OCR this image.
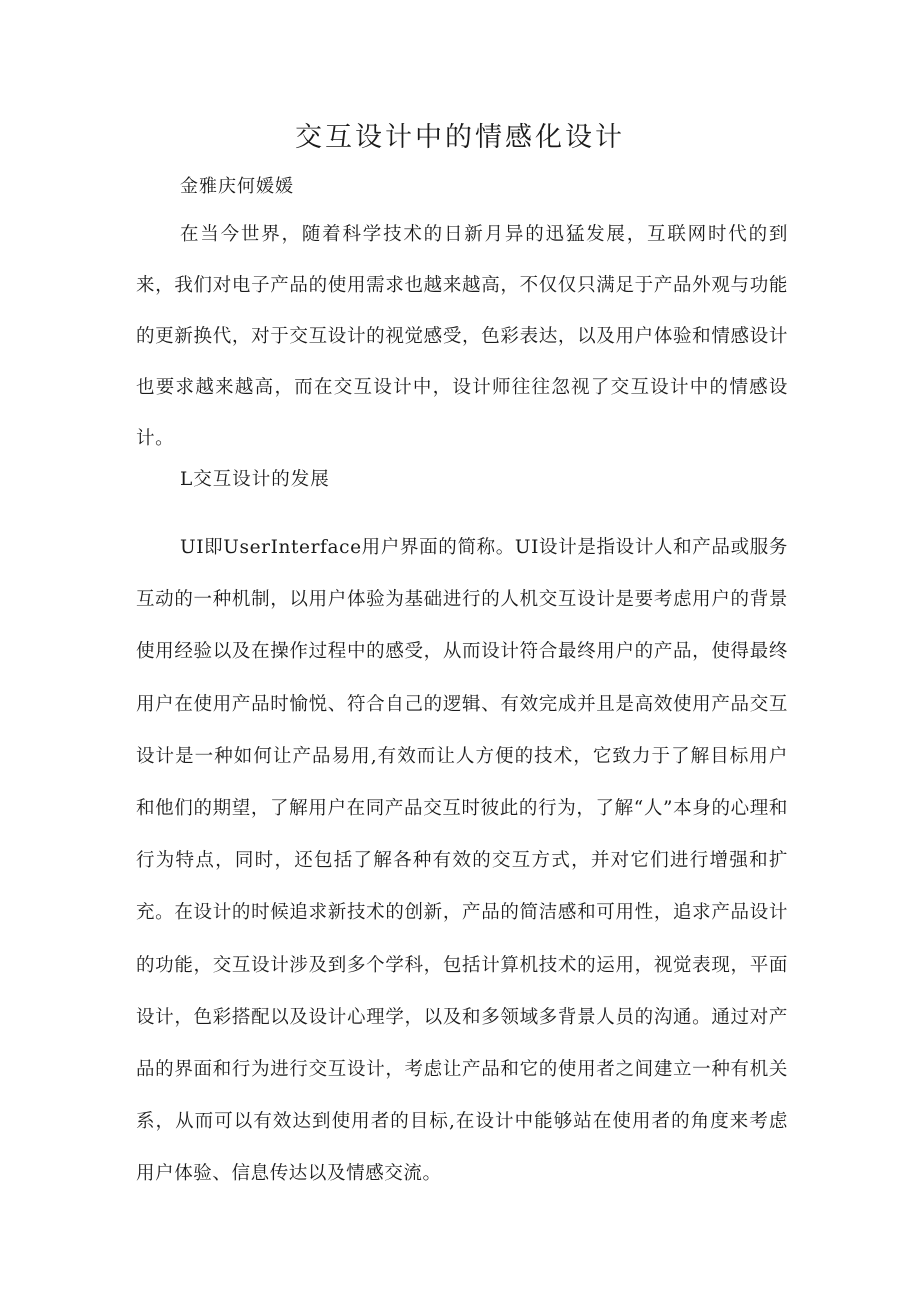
交互设计中的情感化设计
金雅庆何媛媛

在当今世界，随着科学技术的日新月异的迅猛发展，互联网时代的到来，我们对电子产品的使用需求也越来越高，不仅仅只满足于产品外观与功能的更新换代，对于交互设计的视觉感受，色彩表达，以及用户体验和情感设计也要求越来越高，而在交互设计中，设计师往往忽视了交互设计中的情感设计。

L交互设计的发展

UI即UserInterface用户界面的简称。UI设计是指设计人和产品或服务互动的一种机制，以用户体验为基础进行的人机交互设计是要考虑用户的背景使用经验以及在操作过程中的感受，从而设计符合最终用户的产品，使得最终用户在使用产品时愉悦、符合自己的逻辑、有效完成并且是高效使用产品交互设计是一种如何让产品易用,有效而让人方便的技术，它致力于了解目标用户和他们的期望，了解用户在同产品交互时彼此的行为，了解“人”本身的心理和行为特点，同时，还包括了解各种有效的交互方式，并对它们进行增强和扩充。在设计的时候追求新技术的创新，产品的简洁感和可用性，追求产品设计的功能，交互设计涉及到多个学科，包括计算机技术的运用，视觉表现，平面设计，色彩搭配以及设计心理学，以及和多领域多背景人员的沟通。通过对产品的界面和行为进行交互设计，考虑让产品和它的使用者之间建立一种有机关系，从而可以有效达到使用者的目标,在设计中能够站在使用者的角度来考虑用户体验、信息传达以及情感交流。
